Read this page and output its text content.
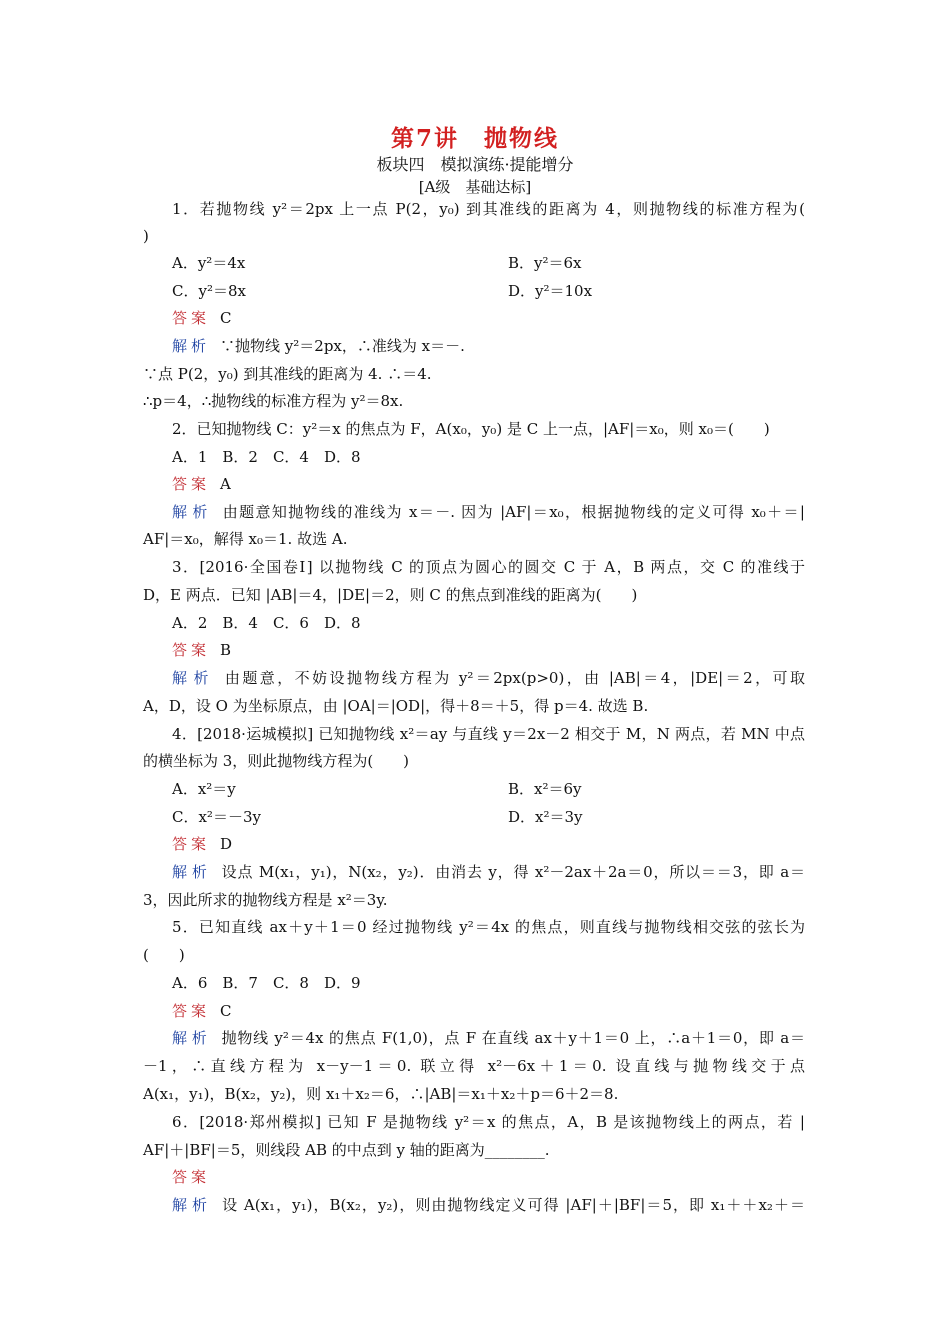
第7讲　抛物线
板块四　模拟演练·提能增分
[A级　基础达标]
1．若抛物线 y²＝2px 上一点 P(2，y₀) 到其准线的距离为 4，则抛物线的标准方程为(
)
A．y²＝4x	B．y²＝6x
C．y²＝8x	D．y²＝10x
答案 C
解析 ∵抛物线 y²＝2px，∴准线为 x＝－.
∵点 P(2，y₀) 到其准线的距离为 4. ∴＝4.
∴p＝4，∴抛物线的标准方程为 y²＝8x.
2．已知抛物线 C：y²＝x 的焦点为 F，A(x₀，y₀) 是 C 上一点，|AF|＝x₀，则 x₀＝(　　)
A．1　B．2　C．4　D．8
答案 A
解析 由题意知抛物线的准线为 x＝－. 因为 |AF|＝x₀，根据抛物线的定义可得 x₀＋＝|
AF|＝x₀，解得 x₀＝1. 故选 A.
3．[2016·全国卷Ⅰ] 以抛物线 C 的顶点为圆心的圆交 C 于 A，B 两点，交 C 的准线于
D，E 两点．已知 |AB|＝4，|DE|＝2，则 C 的焦点到准线的距离为(　　)
A．2　B．4　C．6　D．8
答案 B
解析 由题意，不妨设抛物线方程为 y²＝2px(p>0)，由 |AB|＝4，|DE|＝2，可取
A，D，设 O 为坐标原点，由 |OA|＝|OD|，得＋8＝＋5，得 p＝4. 故选 B.
4．[2018·运城模拟] 已知抛物线 x²＝ay 与直线 y＝2x－2 相交于 M，N 两点，若 MN 中点
的横坐标为 3，则此抛物线方程为(　　)
A．x²＝y	B．x²＝6y
C．x²＝－3y	D．x²＝3y
答案 D
解析 设点 M(x₁，y₁)，N(x₂，y₂)．由消去 y，得 x²－2ax＋2a＝0，所以＝＝3，即 a＝
3，因此所求的抛物线方程是 x²＝3y.
5．已知直线 ax＋y＋1＝0 经过抛物线 y²＝4x 的焦点，则直线与抛物线相交弦的弦长为
(　　)
A．6　B．7　C．8　D．9
答案 C
解析 抛物线 y²＝4x 的焦点 F(1,0)，点 F 在直线 ax＋y＋1＝0 上，∴a＋1＝0，即 a＝
－1，∴直线方程为 x－y－1＝0. 联立得 x²－6x＋1＝0. 设直线与抛物线交于点
A(x₁，y₁)，B(x₂，y₂)，则 x₁＋x₂＝6，∴|AB|＝x₁＋x₂＋p＝6＋2＝8.
6．[2018·郑州模拟] 已知 F 是抛物线 y²＝x 的焦点，A，B 是该抛物线上的两点，若 |
AF|＋|BF|＝5，则线段 AB 的中点到 y 轴的距离为________.
答案
解析 设 A(x₁，y₁)，B(x₂，y₂)，则由抛物线定义可得 |AF|＋|BF|＝5，即 x₁＋＋x₂＋＝
